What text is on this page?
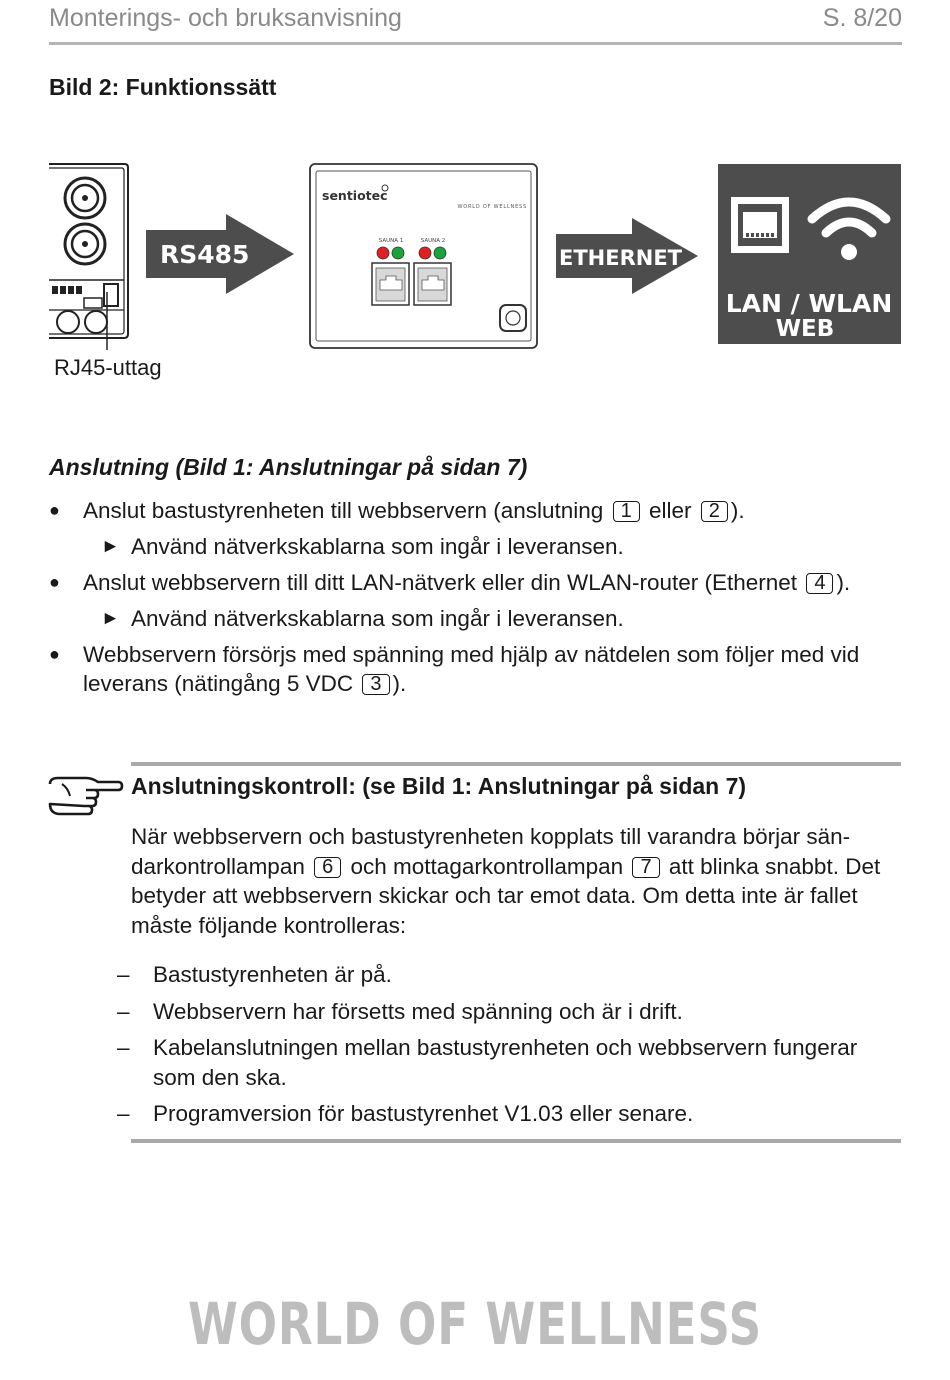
Monterings- och bruksanvisning	S. 8/20
Bild 2: Funktionssätt
RS485
sentiotec
WORLD OF WELLNESS
SAUNA 1	SAUNA 2
ETHERNET
LAN / WLAN
WEB
RJ45-uttag
Anslutning (Bild 1: Anslutningar på sidan 7)
● Anslut bastustyrenheten till webbservern (anslutning 1 eller 2 ).
► Använd nätverkskablarna som ingår i leveransen.
● Anslut webbservern till ditt LAN-nätverk eller din WLAN-router (Ethernet 4 ).
► Använd nätverkskablarna som ingår i leveransen.
● Webbservern försörjs med spänning med hjälp av nätdelen som följer med vid leverans (nätingång 5 VDC 3 ).
Anslutningskontroll: (se Bild 1: Anslutningar på sidan 7)
När webbservern och bastustyrenheten kopplats till varandra börjar sändarkontrollampan 6 och mottagarkontrollampan 7 att blinka snabbt. Det betyder att webbservern skickar och tar emot data. Om detta inte är fallet måste följande kontrolleras:
– Bastustyrenheten är på.
– Webbservern har försetts med spänning och är i drift.
– Kabelanslutningen mellan bastustyrenheten och webbservern fungerar som den ska.
– Programversion för bastustyrenhet V1.03 eller senare.
WORLD OF WELLNESS
